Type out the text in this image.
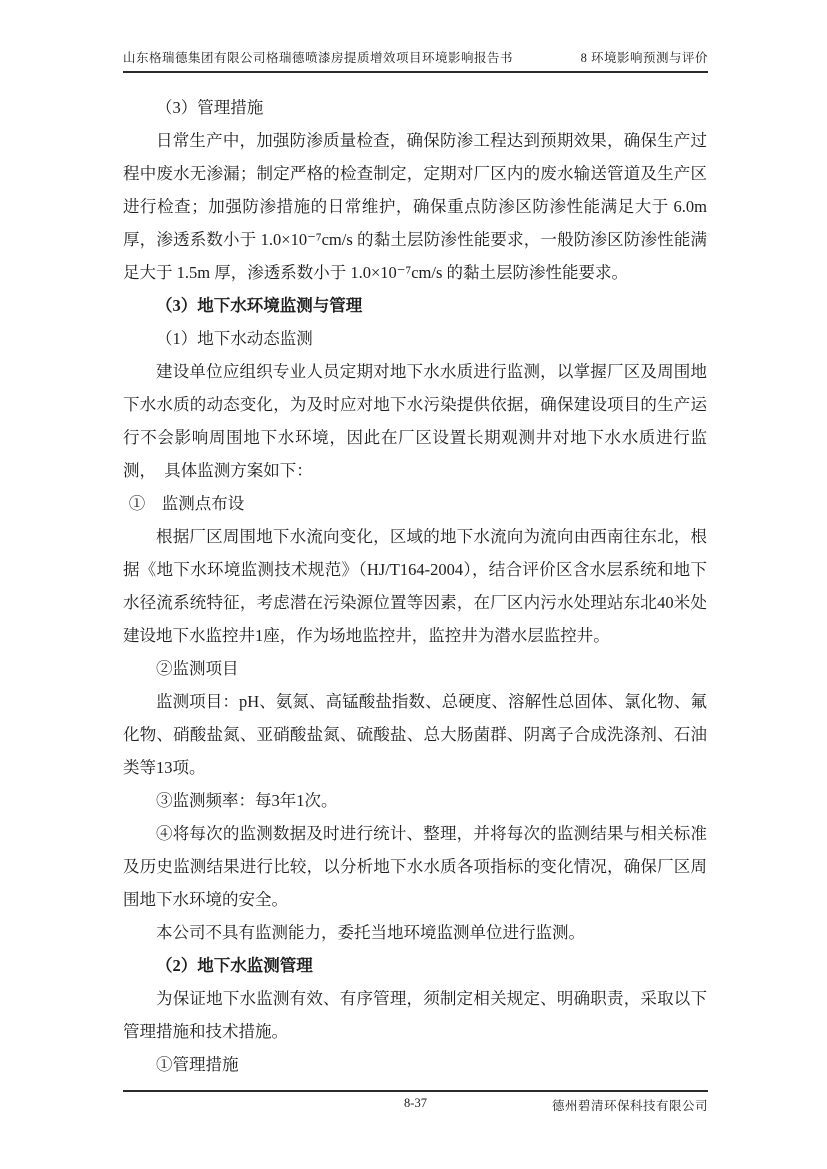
山东格瑞德集团有限公司格瑞德喷漆房提质增效项目环境影响报告书	8 环境影响预测与评价

（3）管理措施

日常生产中，加强防渗质量检查，确保防渗工程达到预期效果，确保生产过程中废水无渗漏；制定严格的检查制定，定期对厂区内的废水输送管道及生产区进行检查；加强防渗措施的日常维护，确保重点防渗区防渗性能满足大于 6.0m 厚，渗透系数小于 1.0×10⁻⁷cm/s 的黏土层防渗性能要求，一般防渗区防渗性能满足大于 1.5m 厚，渗透系数小于 1.0×10⁻⁷cm/s 的黏土层防渗性能要求。

（3）地下水环境监测与管理

（1）地下水动态监测

建设单位应组织专业人员定期对地下水水质进行监测，以掌握厂区及周围地下水水质的动态变化，为及时应对地下水污染提供依据，确保建设项目的生产运行不会影响周围地下水环境，因此在厂区设置长期观测井对地下水水质进行监测，　具体监测方案如下：

①　监测点布设

根据厂区周围地下水流向变化，区域的地下水流向为流向由西南往东北，根据《地下水环境监测技术规范》（HJ/T164-2004），结合评价区含水层系统和地下水径流系统特征，考虑潜在污染源位置等因素，在厂区内污水处理站东北40米处建设地下水监控井1座，作为场地监控井，监控井为潜水层监控井。

②监测项目

监测项目：pH、氨氮、高锰酸盐指数、总硬度、溶解性总固体、氯化物、氟化物、硝酸盐氮、亚硝酸盐氮、硫酸盐、总大肠菌群、阴离子合成洗涤剂、石油类等13项。

③监测频率：每3年1次。

④将每次的监测数据及时进行统计、整理，并将每次的监测结果与相关标准及历史监测结果进行比较，以分析地下水水质各项指标的变化情况，确保厂区周围地下水环境的安全。

本公司不具有监测能力，委托当地环境监测单位进行监测。

（2）地下水监测管理

为保证地下水监测有效、有序管理，须制定相关规定、明确职责，采取以下管理措施和技术措施。

①管理措施

8-37	德州碧清环保科技有限公司
